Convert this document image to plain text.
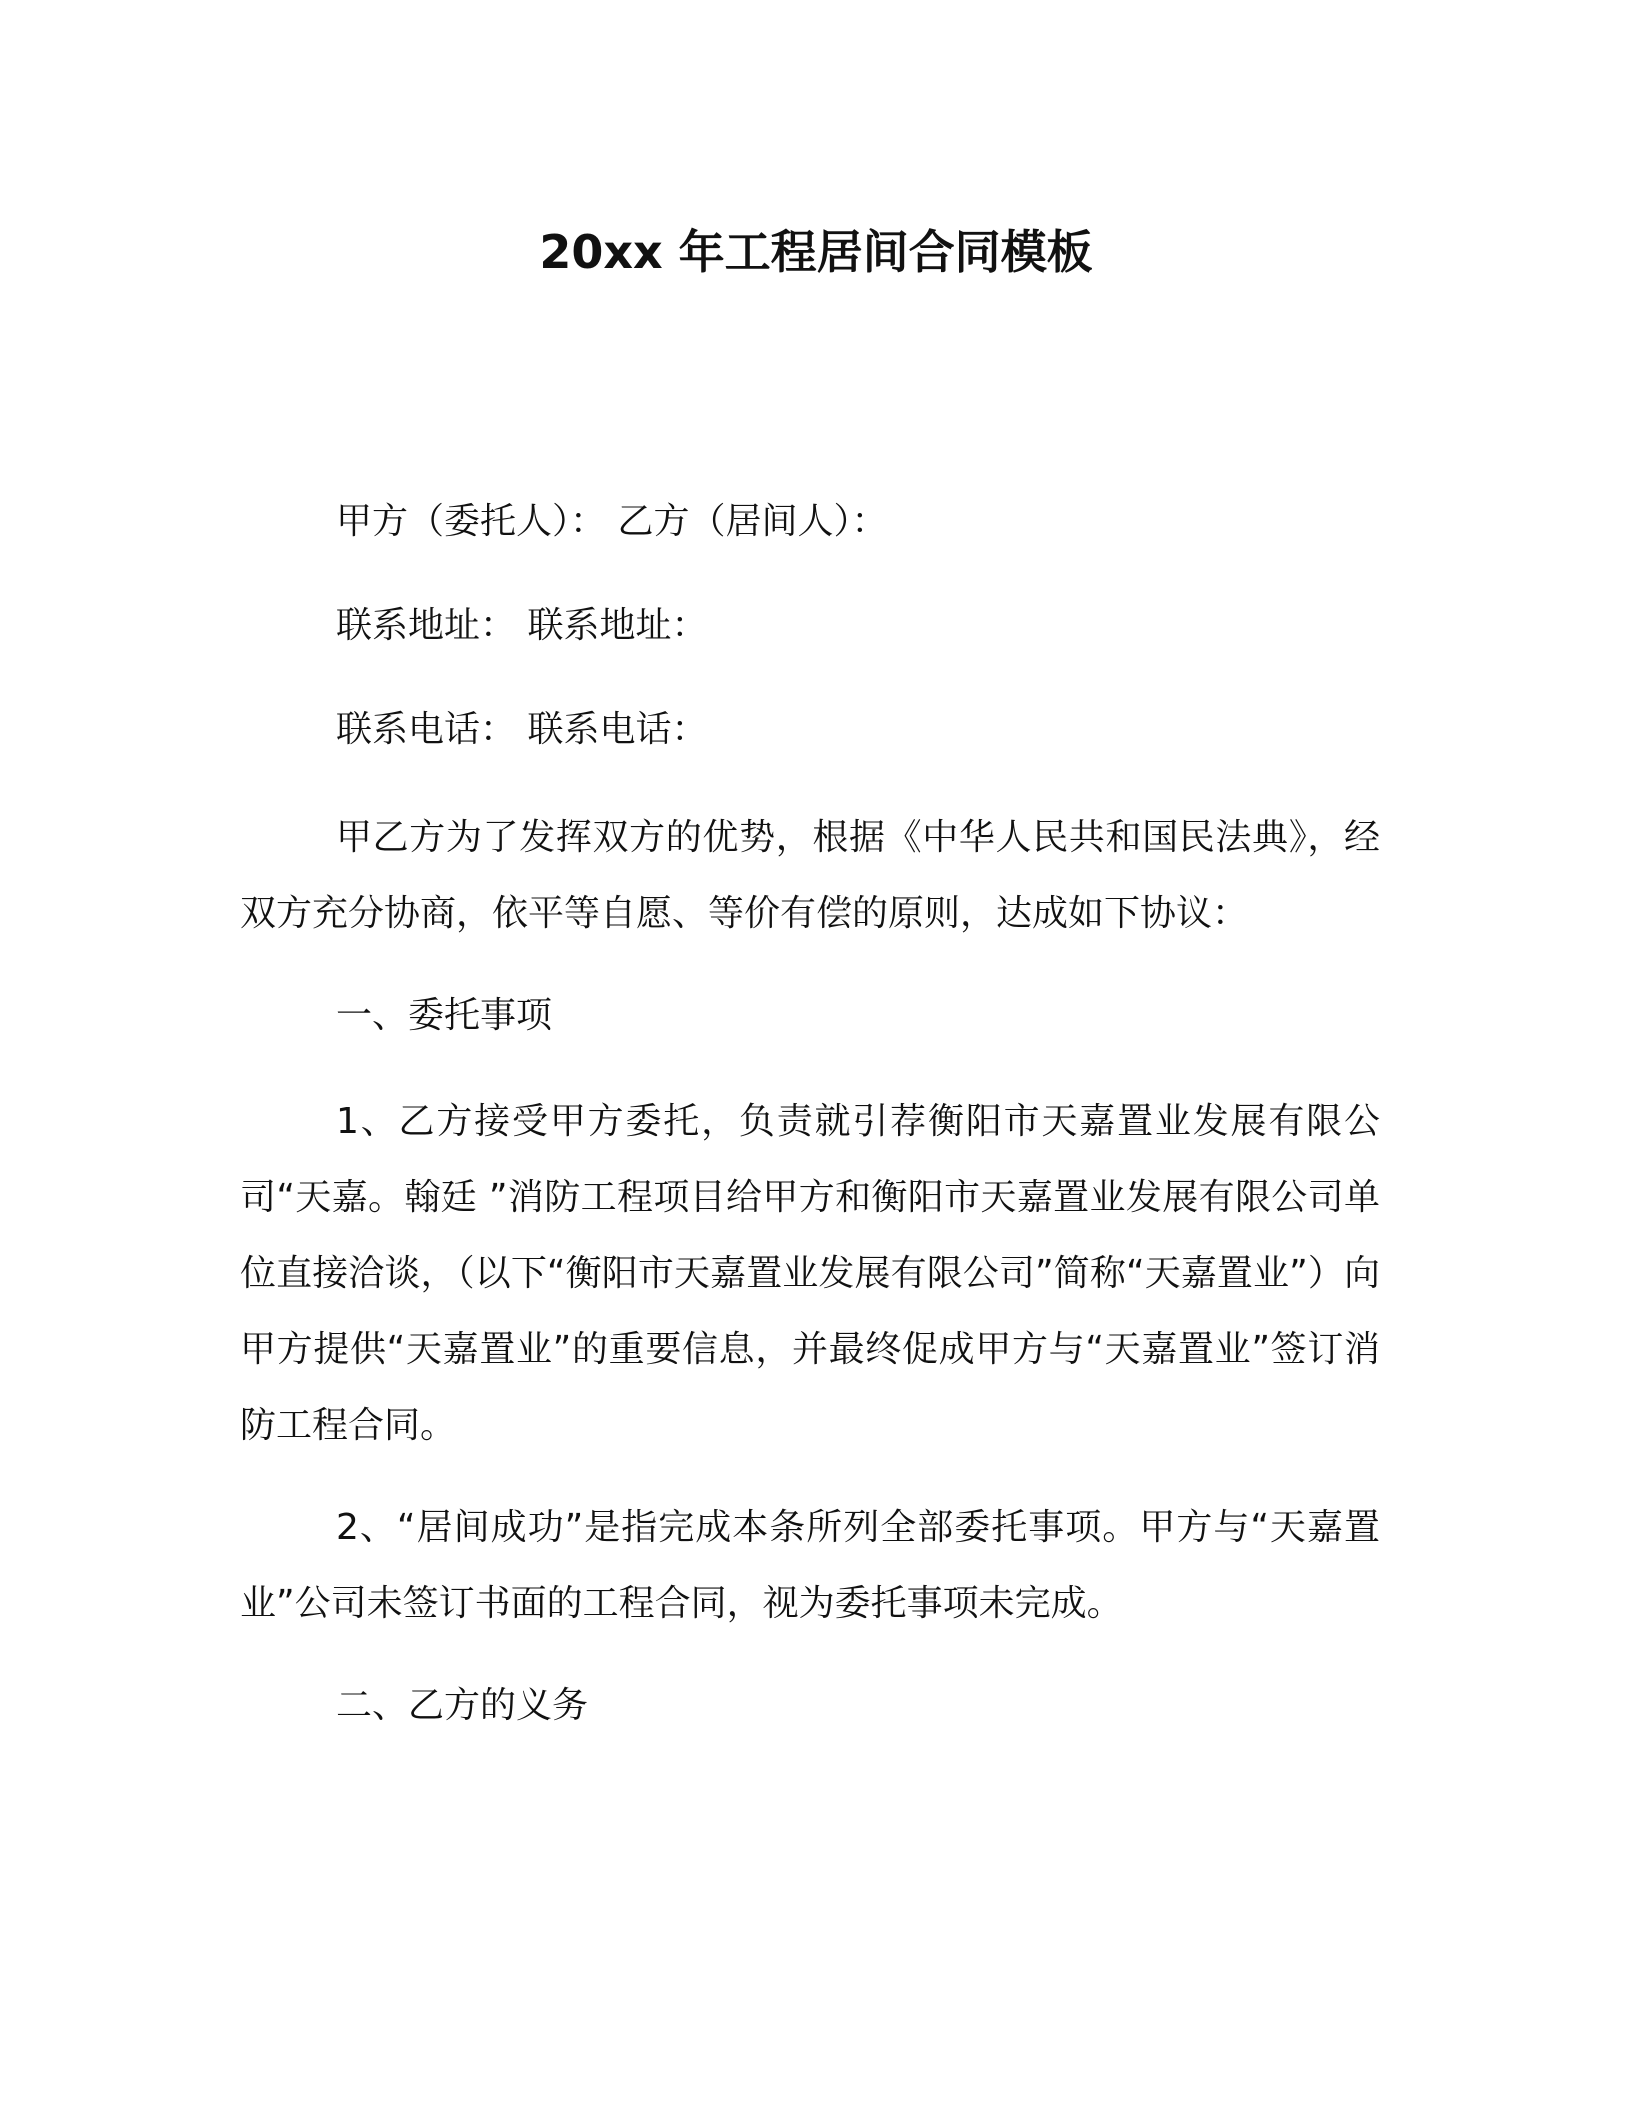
20xx 年工程居间合同模板
甲方（委托人）： 乙方（居间人）：
联系地址： 联系地址：
联系电话： 联系电话：
甲乙方为了发挥双方的优势，根据《中华人民共和国民法典》，经双方充分协商，依平等自愿、等价有偿的原则，达成如下协议：
一、委托事项
1、乙方接受甲方委托，负责就引荐衡阳市天嘉置业发展有限公司“天嘉。翰廷 ”消防工程项目给甲方和衡阳市天嘉置业发展有限公司单位直接洽谈，（以下“衡阳市天嘉置业发展有限公司”简称“天嘉置业”）向甲方提供“天嘉置业”的重要信息，并最终促成甲方与“天嘉置业”签订消防工程合同。
2、“居间成功”是指完成本条所列全部委托事项。甲方与“天嘉置业”公司未签订书面的工程合同，视为委托事项未完成。
二、乙方的义务
